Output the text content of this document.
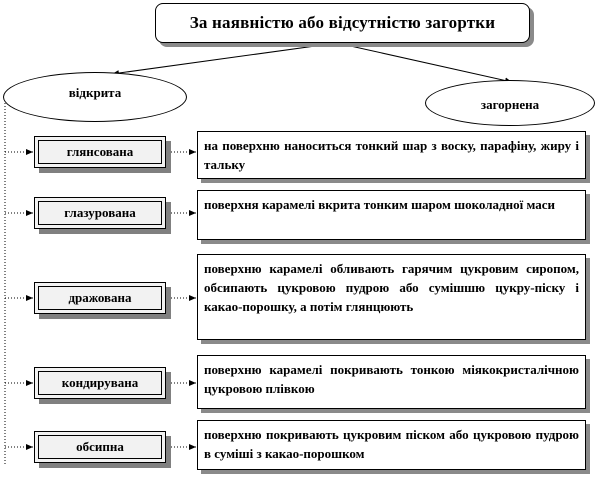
За наявністю або відсутністю загортки
відкрита
загорнена
глянсована	на поверхню наноситься тонкий шар з воску, парафіну, жиру і тальку
глазурована
поверхня карамелі вкрита тонким шаром шоколадної маси
дражована
поверхню карамелі обливають гарячим цукровим сиропом, обсипають цукровою пудрою або сумішшю цукру-піску і какао-порошку, а потім глянцюють
кондирувана
поверхню карамелі покривають тонкою міякокристалічною цукровою плівкою
обсипна
поверхню покривають цукровим піском або цукровою пудрою в суміші з какао-порошком
